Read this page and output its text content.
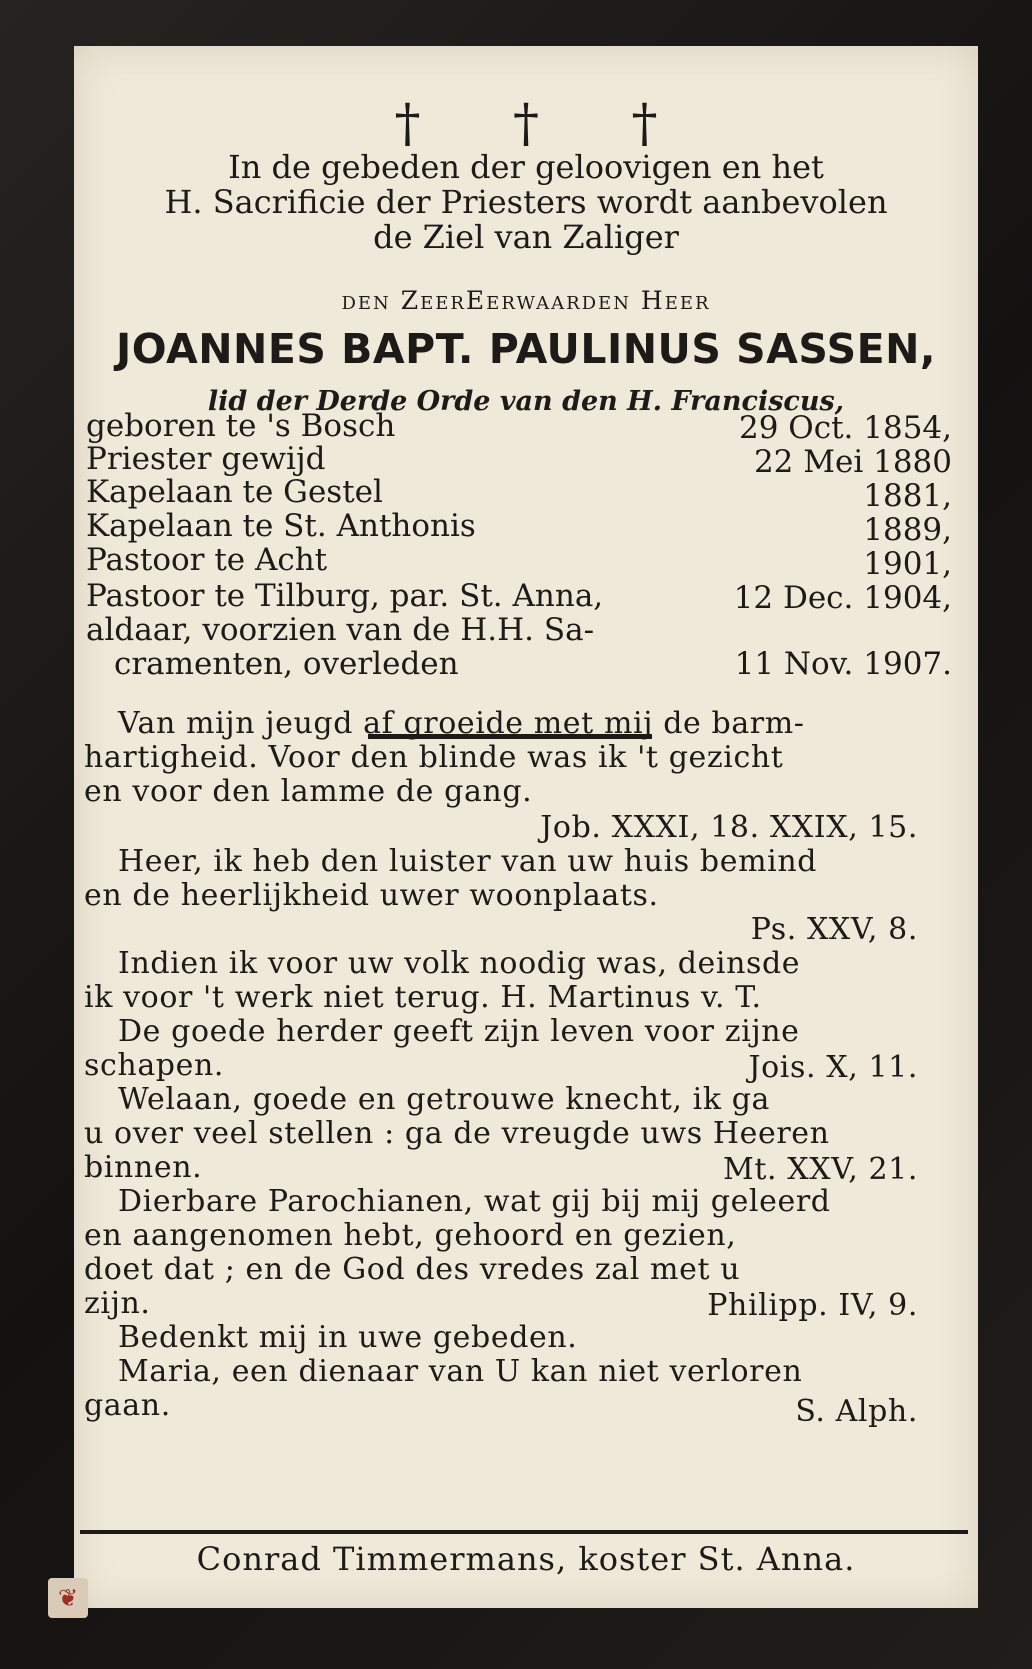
† † †
In de gebeden der geloovigen en het
H. Sacrificie der Priesters wordt aanbevolen
de Ziel van Zaliger
den ZeerEerwaarden Heer
JOANNES BAPT. PAULINUS SASSEN,
lid der Derde Orde van den H. Franciscus,
geboren te 's Bosch	29 Oct. 1854,
Priester gewijd	22 Mei 1880
Kapelaan te Gestel	1881,
Kapelaan te St. Anthonis	1889,
Pastoor te Acht	1901,
Pastoor te Tilburg, par. St. Anna,	12 Dec. 1904,
aldaar, voorzien van de H.H. Sa-
cramenten, overleden	11 Nov. 1907.
Van mijn jeugd af groeide met mij de barm-
hartigheid. Voor den blinde was ik 't gezicht
en voor den lamme de gang.
Job. XXXI, 18. XXIX, 15.
Heer, ik heb den luister van uw huis bemind
en de heerlijkheid uwer woonplaats.
Ps. XXV, 8.
Indien ik voor uw volk noodig was, deinsde
ik voor 't werk niet terug. H. Martinus v. T.
De goede herder geeft zijn leven voor zijne
schapen.	Jois. X, 11.
Welaan, goede en getrouwe knecht, ik ga
u over veel stellen : ga de vreugde uws Heeren
binnen.	Mt. XXV, 21.
Dierbare Parochianen, wat gij bij mij geleerd
en aangenomen hebt, gehoord en gezien,
doet dat ; en de God des vredes zal met u
zijn.	Philipp. IV, 9.
Bedenkt mij in uwe gebeden.
Maria, een dienaar van U kan niet verloren
gaan.	S. Alph.
Conrad Timmermans, koster St. Anna.
❦
